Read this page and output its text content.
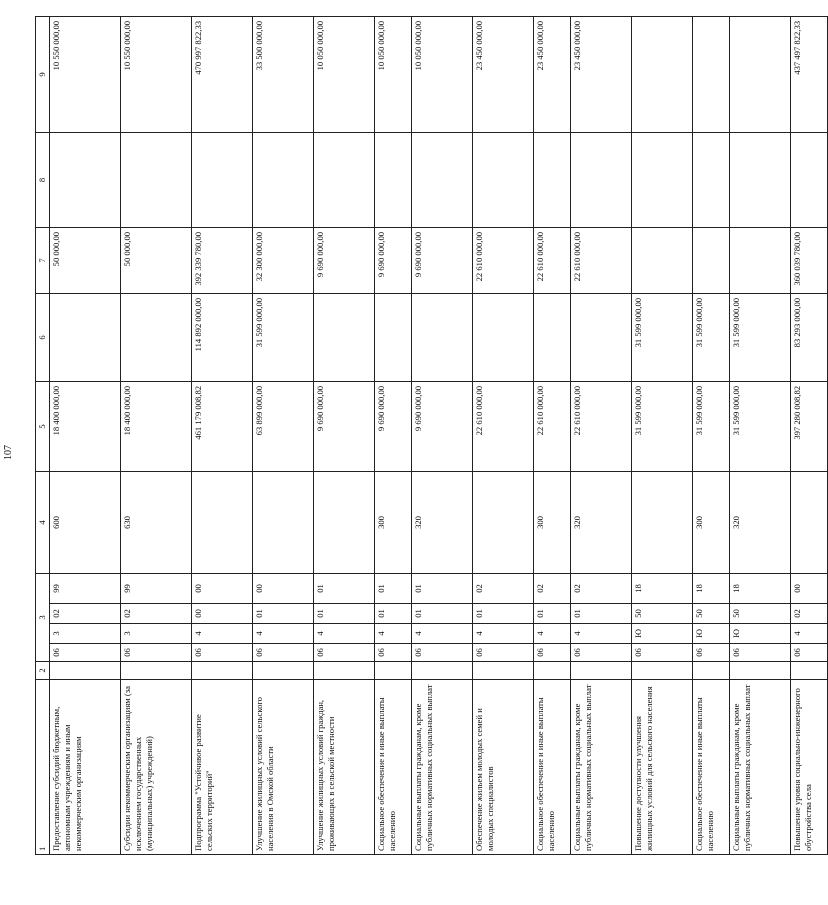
107
1	2	3				4	5	6	7	8	9	
Предоставление субсидий бюджетным, автономным учреждениям и иным некоммерческим организациям		06	3	02	99	600	18 400 000,00		50 000,00		10 550 000,00	
Субсидии некоммерческим организациям (за исключением государственных (муниципальных) учреждений)		06	3	02	99	630	18 400 000,00		50 000,00		10 550 000,00	
Подпрограмма "Устойчивое развитие сельских территорий"		06	4	00	00		461 179 008,82	114 892 000,00	392 339 780,00		470 997 822,33	
Улучшение жилищных условий сельского населения в Омской области		06	4	01	00		63 899 000,00	31 599 000,00	32 300 000,00		33 500 000,00	
Улучшение жилищных условий граждан, проживающих в сельской местности		06	4	01	01		9 690 000,00		9 690 000,00		10 050 000,00	
Социальное обеспечение и иные выплаты населению		06	4	01	01	300	9 690 000,00		9 690 000,00		10 050 000,00	
Социальные выплаты гражданам, кроме публичных нормативных социальных выплат		06	4	01	01	320	9 690 000,00		9 690 000,00		10 050 000,00	
Обеспечение жильем молодых семей и молодых специалистов		06	4	01	02		22 610 000,00		22 610 000,00		23 450 000,00	
Социальное обеспечение и иные выплаты населению		06	4	01	02	300	22 610 000,00		22 610 000,00		23 450 000,00	
Социальные выплаты гражданам, кроме публичных нормативных социальных выплат		06	4	01	02	320	22 610 000,00		22 610 000,00		23 450 000,00	
Повышение доступности улучшения жилищных условий для сельского населения		06	Ю	50	18		31 599 000,00	31 599 000,00				
Социальное обеспечение и иные выплаты населению		06	Ю	50	18	300	31 599 000,00	31 599 000,00				
Социальные выплаты гражданам, кроме публичных нормативных социальных выплат		06	Ю	50	18	320	31 599 000,00	31 599 000,00				
Повышение уровня социально-инженерного обустройства села		06	4	02	00		397 280 008,82	83 293 000,00	360 039 780,00		437 497 822,33	
